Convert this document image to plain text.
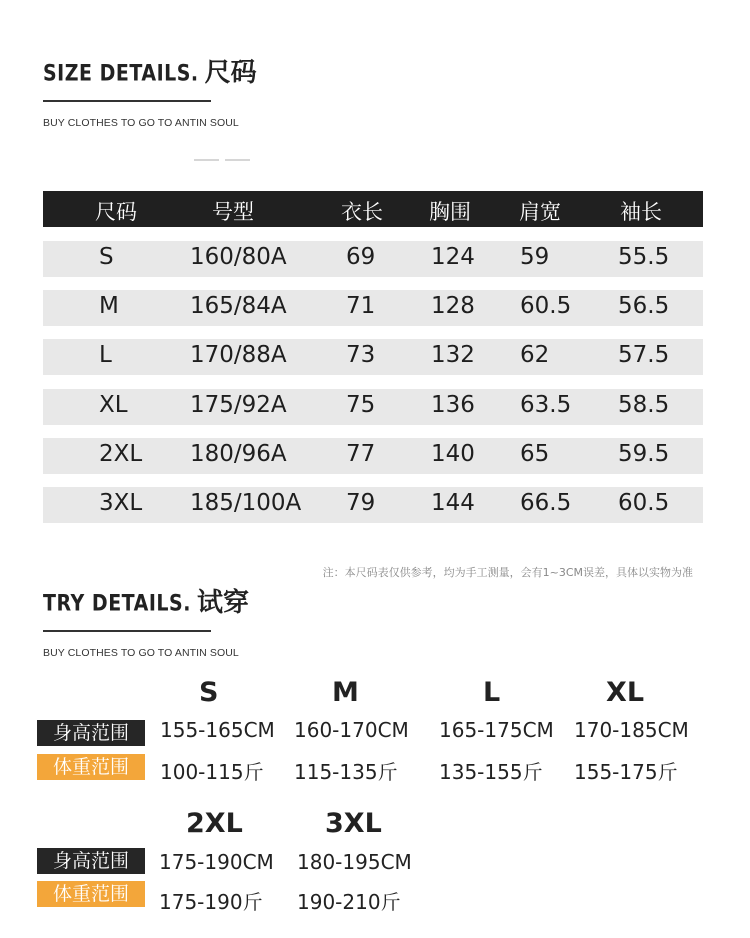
SIZE DETAILS. 尺码
BUY CLOTHES TO GO TO ANTIN SOUL
尺码	号型	衣长 胸围 肩宽	袖长
S	160/80A	69 124 59	55.5
M	165/84A	71 128 60.5 56.5
L	170/88A	73 132 62	57.5
XL	175/92A	75 136 63.5 58.5
2XL 180/96A	77 140 65	59.5
3XL 185/100A 79 144 66.5 60.5
注：本尺码表仅供参考，均为手工测量，会有1~3CM误差，具体以实物为准
TRY DETAILS. 试穿
BUY CLOTHES TO GO TO ANTIN SOUL
S	M	L	XL
身高范围	155-165CM 160-170CM 165-175CM 170-185CM
体重范围	100-115斤 115-135斤 135-155斤 155-175斤
2XL	3XL
身高范围	175-190CM 180-195CM
体重范围	175-190斤 190-210斤
